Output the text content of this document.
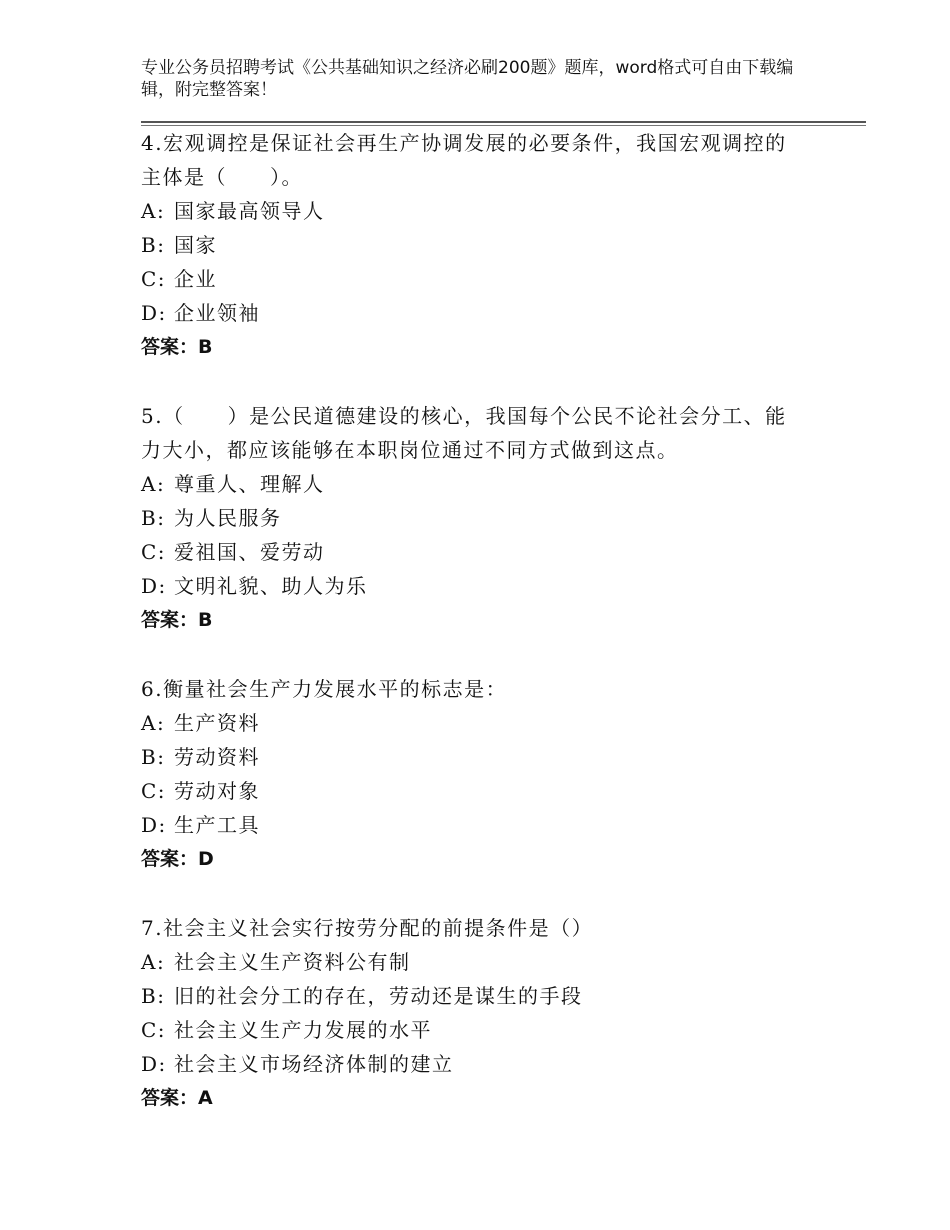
专业公务员招聘考试《公共基础知识之经济必刷200题》题库，word格式可自由下载编辑，附完整答案！

4.宏观调控是保证社会再生产协调发展的必要条件，我国宏观调控的主体是（　　）。

A: 国家最高领导人
B: 国家
C: 企业
D: 企业领袖
答案：B

5.（　　）是公民道德建设的核心，我国每个公民不论社会分工、能力大小，都应该能够在本职岗位通过不同方式做到这点。

A: 尊重人、理解人
B: 为人民服务
C: 爱祖国、爱劳动
D: 文明礼貌、助人为乐
答案：B

6.衡量社会生产力发展水平的标志是：

A: 生产资料
B: 劳动资料
C: 劳动对象
D: 生产工具
答案：D

7.社会主义社会实行按劳分配的前提条件是（）

A: 社会主义生产资料公有制
B: 旧的社会分工的存在，劳动还是谋生的手段
C: 社会主义生产力发展的水平
D: 社会主义市场经济体制的建立
答案：A
